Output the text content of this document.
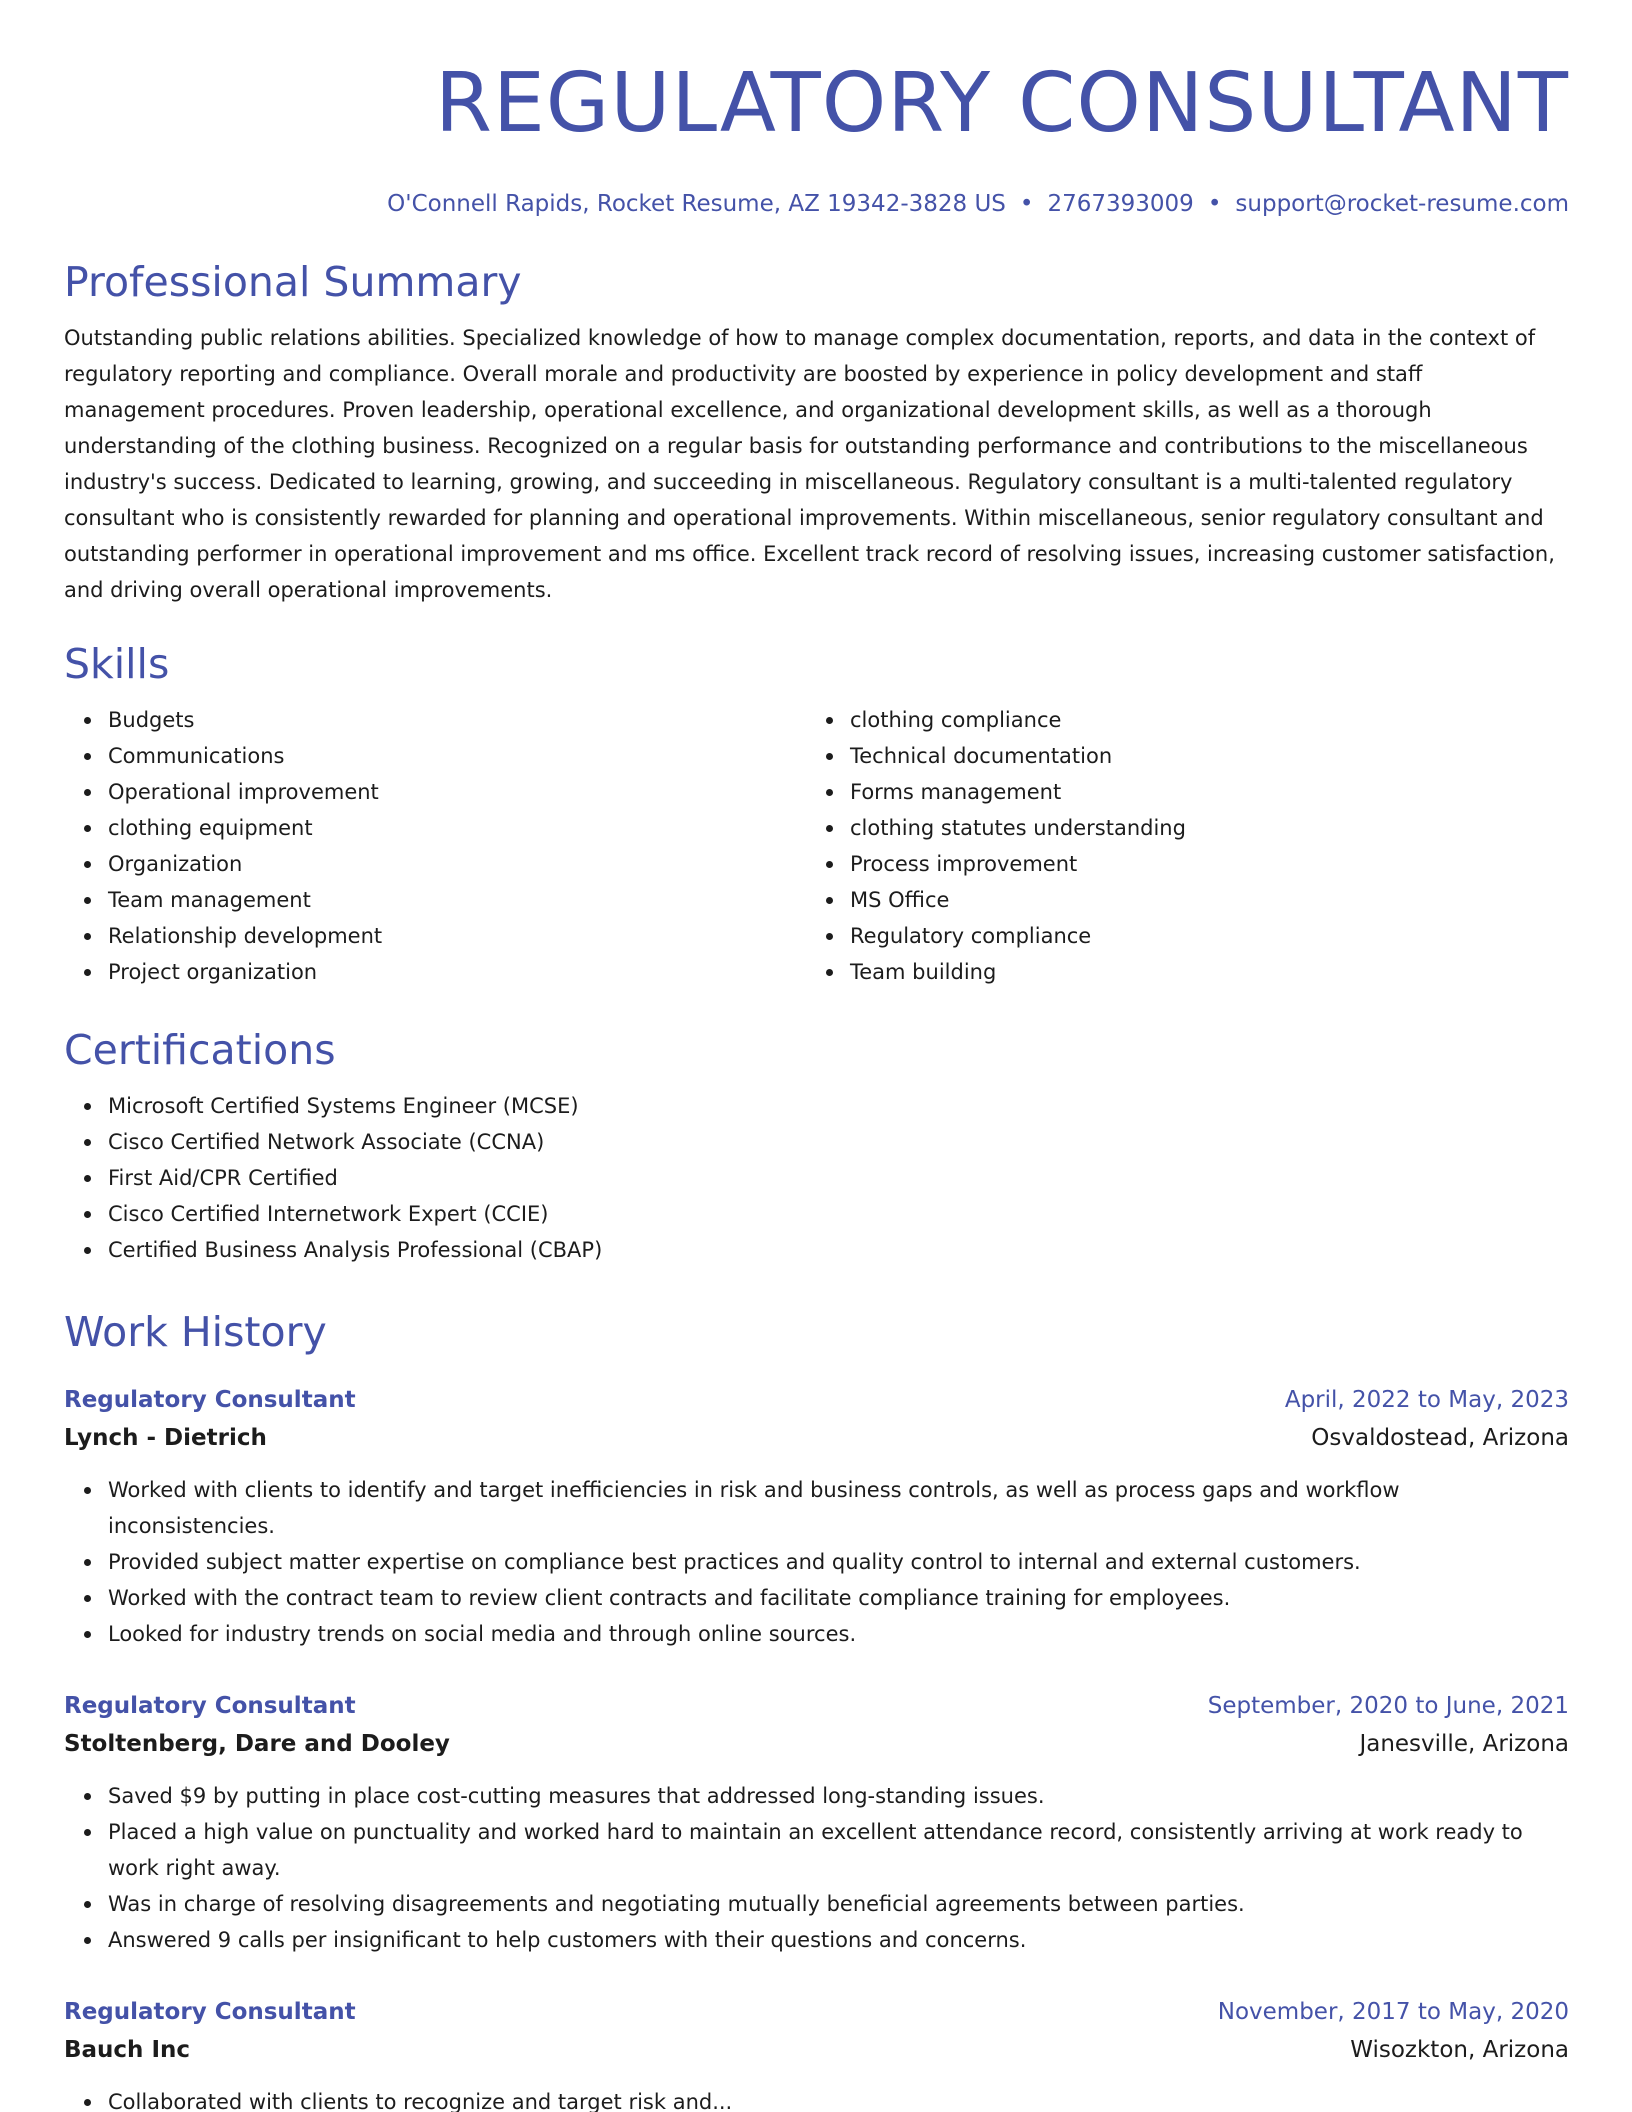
REGULATORY CONSULTANT
O'Connell Rapids, Rocket Resume, AZ 19342-3828 US • 2767393009 • support@rocket-resume.com
Professional Summary

Outstanding public relations abilities. Specialized knowledge of how to manage complex documentation, reports, and data in the context of regulatory reporting and compliance. Overall morale and productivity are boosted by experience in policy development and staff management procedures. Proven leadership, operational excellence, and organizational development skills, as well as a thorough understanding of the clothing business. Recognized on a regular basis for outstanding performance and contributions to the miscellaneous industry's success. Dedicated to learning, growing, and succeeding in miscellaneous. Regulatory consultant is a multi-talented regulatory consultant who is consistently rewarded for planning and operational improvements. Within miscellaneous, senior regulatory consultant and outstanding performer in operational improvement and ms office. Excellent track record of resolving issues, increasing customer satisfaction, and driving overall operational improvements.

Skills
Budgets
Communications
Operational improvement
clothing equipment
Organization
Team management
Relationship development
Project organization
clothing compliance
Technical documentation
Forms management
clothing statutes understanding
Process improvement
MS Office
Regulatory compliance
Team building
Certifications
Microsoft Certified Systems Engineer (MCSE)
Cisco Certified Network Associate (CCNA)
First Aid/CPR Certified
Cisco Certified Internetwork Expert (CCIE)
Certified Business Analysis Professional (CBAP)
Work History
Regulatory Consultant	April, 2022 to May, 2023
Lynch - Dietrich	Osvaldostead, Arizona
Worked with clients to identify and target inefficiencies in risk and business controls, as well as process gaps and workflow inconsistencies.
Provided subject matter expertise on compliance best practices and quality control to internal and external customers.
Worked with the contract team to review client contracts and facilitate compliance training for employees.
Looked for industry trends on social media and through online sources.
Regulatory Consultant	September, 2020 to June, 2021
Stoltenberg, Dare and Dooley	Janesville, Arizona
Saved $9 by putting in place cost-cutting measures that addressed long-standing issues.
Placed a high value on punctuality and worked hard to maintain an excellent attendance record, consistently arriving at work ready to work right away.
Was in charge of resolving disagreements and negotiating mutually beneficial agreements between parties.
Answered 9 calls per insignificant to help customers with their questions and concerns.
Regulatory Consultant	November, 2017 to May, 2020
Bauch Inc	Wisozkton, Arizona
Collaborated with clients to recognize and target risk and...
